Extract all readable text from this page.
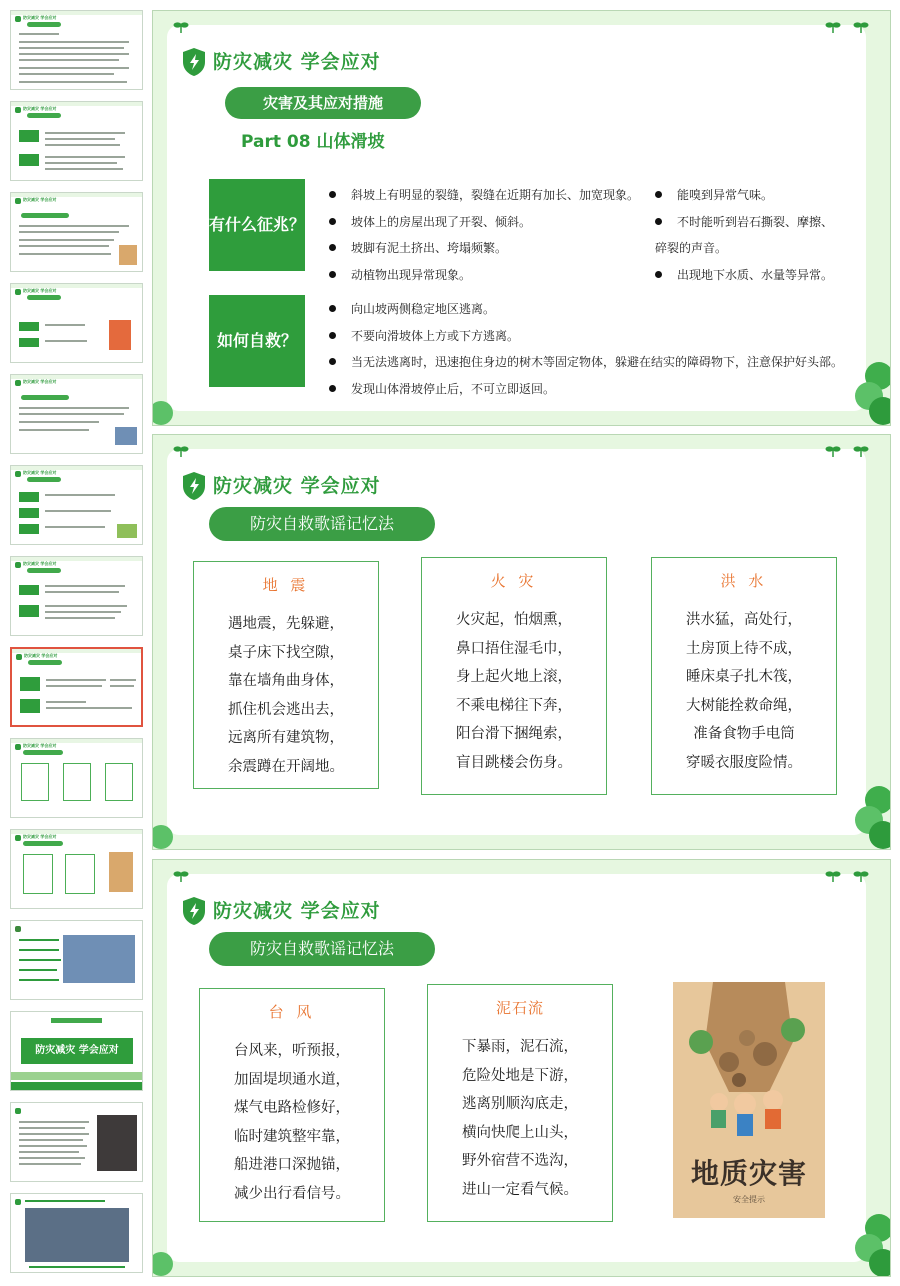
防灾减灾 学会应对
防灾减灾 学会应对
防灾减灾 学会应对
防灾减灾 学会应对
防灾减灾 学会应对
防灾减灾 学会应对
防灾减灾 学会应对
防灾减灾 学会应对
防灾减灾 学会应对
防灾减灾 学会应对
防灾减灾 学会应对
防灾减灾 学会应对
灾害及其应对措施
Part 08 山体滑坡
有什么征兆？
斜坡上有明显的裂缝，裂缝在近期有加长、加宽现象。
坡体上的房屋出现了开裂、倾斜。
坡脚有泥土挤出、垮塌频繁。
动植物出现异常现象。
能嗅到异常气味。
不时能听到岩石撕裂、摩擦、
碎裂的声音。
出现地下水质、水量等异常。
如何自救？
向山坡两侧稳定地区逃离。
不要向滑坡体上方或下方逃离。
当无法逃离时，迅速抱住身边的树木等固定物体，躲避在结实的障碍物下，注意保护好头部。
发现山体滑坡停止后，不可立即返回。
防灾减灾 学会应对
防灾自救歌谣记忆法
地 震
遇地震，先躲避，
桌子床下找空隙，
靠在墙角曲身体，
抓住机会逃出去，
远离所有建筑物，
余震蹲在开阔地。
火 灾
火灾起，怕烟熏，
鼻口捂住湿毛巾，
身上起火地上滚，
不乘电梯往下奔，
阳台滑下捆绳索，
盲目跳楼会伤身。
洪 水
洪水猛，高处行，
土房顶上待不成，
睡床桌子扎木筏，
大树能拴救命绳，
准备食物手电筒
穿暖衣服度险情。
防灾减灾 学会应对
防灾自救歌谣记忆法
台 风
台风来，听预报，
加固堤坝通水道，
煤气电路检修好，
临时建筑整牢靠，
船进港口深抛锚，
减少出行看信号。
泥石流
下暴雨，泥石流，
危险处地是下游，
逃离别顺沟底走，
横向快爬上山头，
野外宿营不选沟，
进山一定看气候。	地质灾害
安全提示
